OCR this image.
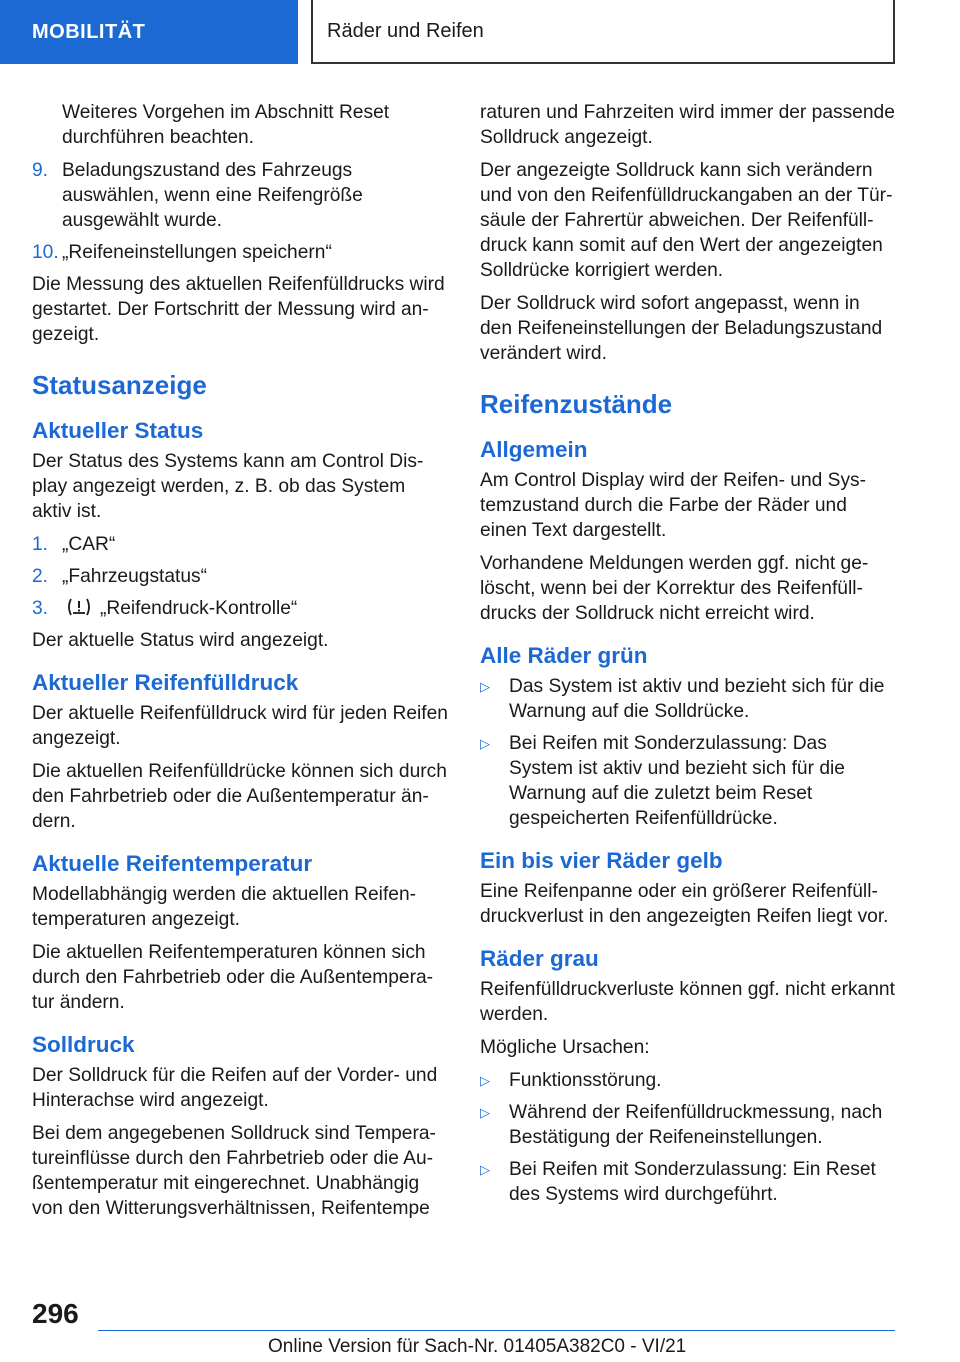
MOBILITÄT	Räder und Reifen

Weiteres Vorgehen im Abschnitt Reset durchführen beachten.

9. Beladungszustand des Fahrzeugs auswählen, wenn eine Reifengröße ausgewählt wurde.
10. „Reifeneinstellungen speichern“

Die Messung des aktuellen Reifenfülldrucks wird gestartet. Der Fortschritt der Messung wird angezeigt.

Statusanzeige
Aktueller Status

Der Status des Systems kann am Control Display angezeigt werden, z. B. ob das System aktiv ist.

1. „CAR“
2. „Fahrzeugstatus“
3.	„Reifendruck-Kontrolle“

Der aktuelle Status wird angezeigt.

Aktueller Reifenfülldruck

Der aktuelle Reifenfülldruck wird für jeden Reifen angezeigt.

Die aktuellen Reifenfülldrücke können sich durch den Fahrbetrieb oder die Außentemperatur ändern.

Aktuelle Reifentemperatur

Modellabhängig werden die aktuellen Reifentemperaturen angezeigt.

Die aktuellen Reifentemperaturen können sich durch den Fahrbetrieb oder die Außentemperatur ändern.

Solldruck

Der Solldruck für die Reifen auf der Vorder- und Hinterachse wird angezeigt.

Bei dem angegebenen Solldruck sind Temperatureinflüsse durch den Fahrbetrieb oder die Außentemperatur mit eingerechnet. Unabhängig von den Witterungsverhältnissen, Reifentempe

raturen und Fahrzeiten wird immer der passende Solldruck angezeigt.

Der angezeigte Solldruck kann sich verändern und von den Reifenfülldruckangaben an der Türsäule der Fahrertür abweichen. Der Reifenfülldruck kann somit auf den Wert der angezeigten Solldrücke korrigiert werden.

Der Solldruck wird sofort angepasst, wenn in den Reifeneinstellungen der Beladungszustand verändert wird.

Reifenzustände
Allgemein

Am Control Display wird der Reifen- und Systemzustand durch die Farbe der Räder und einen Text dargestellt.

Vorhandene Meldungen werden ggf. nicht gelöscht, wenn bei der Korrektur des Reifenfülldrucks der Solldruck nicht erreicht wird.

Alle Räder grün
▷ Das System ist aktiv und bezieht sich für die Warnung auf die Solldrücke.
▷ Bei Reifen mit Sonderzulassung: Das System ist aktiv und bezieht sich für die Warnung auf die zuletzt beim Reset gespeicherten Reifenfülldrücke.
Ein bis vier Räder gelb

Eine Reifenpanne oder ein größerer Reifenfülldruckverlust in den angezeigten Reifen liegt vor.

Räder grau

Reifenfülldruckverluste können ggf. nicht erkannt werden.

Mögliche Ursachen:

▷ Funktionsstörung.
▷ Während der Reifenfülldruckmessung, nach Bestätigung der Reifeneinstellungen.
▷ Bei Reifen mit Sonderzulassung: Ein Reset des Systems wird durchgeführt.
296
Online Version für Sach-Nr. 01405A382C0 - VI/21
